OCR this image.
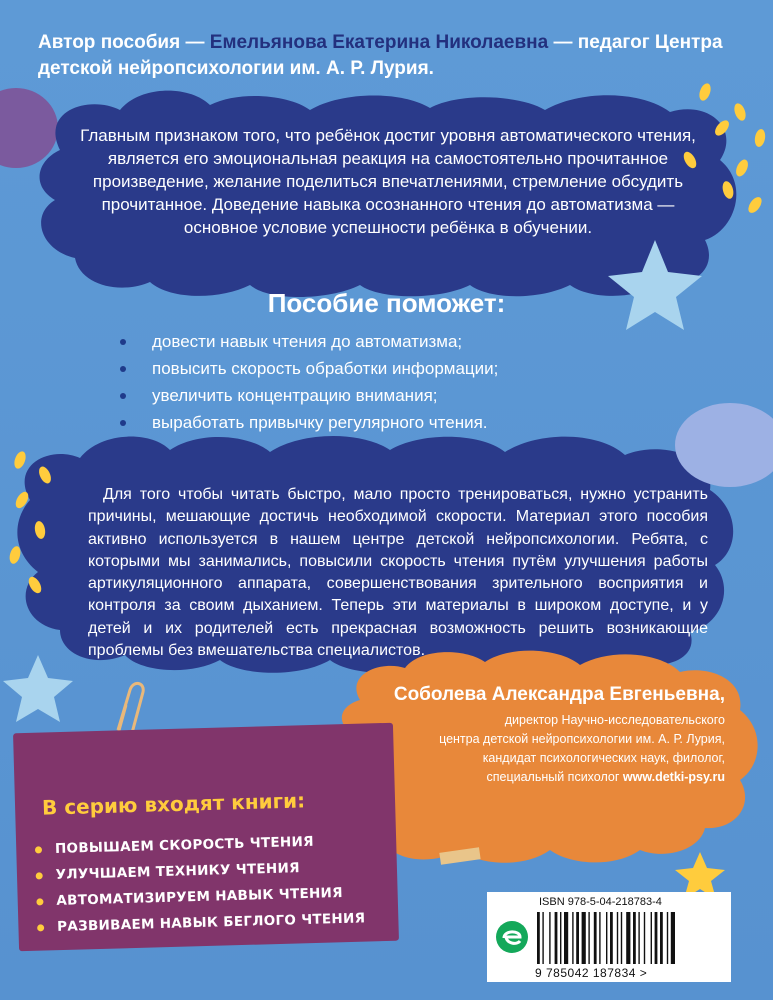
Автор пособия — Емельянова Екатерина Николаевна — педагог Центра детской нейропсихологии им. А. Р. Лурия.
Главным признаком того, что ребёнок достиг уровня автоматического чтения, является его эмоциональная реакция на самостоятельно прочитанное произведение, желание поделиться впечатлениями, стремление обсудить прочитанное. Доведение навыка осознанного чтения до автоматизма — основное условие успешности ребёнка в обучении.
Пособие поможет:
довести навык чтения до автоматизма;
повысить скорость обработки информации;
увеличить концентрацию внимания;
выработать привычку регулярного чтения.

Для того чтобы читать быстро, мало просто тренироваться, нужно устранить причины, мешающие достичь необходимой скорости. Материал этого пособия активно используется в нашем центре детской нейропсихологии. Ребята, с которыми мы занимались, повысили скорость чтения путём улучшения работы артикуляционного аппарата, совершенствования зрительного восприятия и контроля за своим дыханием. Теперь эти материалы в широком доступе, и у детей и их родителей есть прекрасная возможность решить возникающие проблемы без вмешательства специалистов.

Соболева Александра Евгеньевна,
директор Научно-исследовательского
центра детской нейропсихологии им. А. Р. Лурия,
кандидат психологических наук, филолог,
специальный психолог www.detki-psy.ru
В серию входят книги:
ПОВЫШАЕМ СКОРОСТЬ ЧТЕНИЯ
УЛУЧШАЕМ ТЕХНИКУ ЧТЕНИЯ
АВТОМАТИЗИРУЕМ НАВЫК ЧТЕНИЯ
РАЗВИВАЕМ НАВЫК БЕГЛОГО ЧТЕНИЯ
ISBN 978-5-04-218783-4
9 785042 187834 >
